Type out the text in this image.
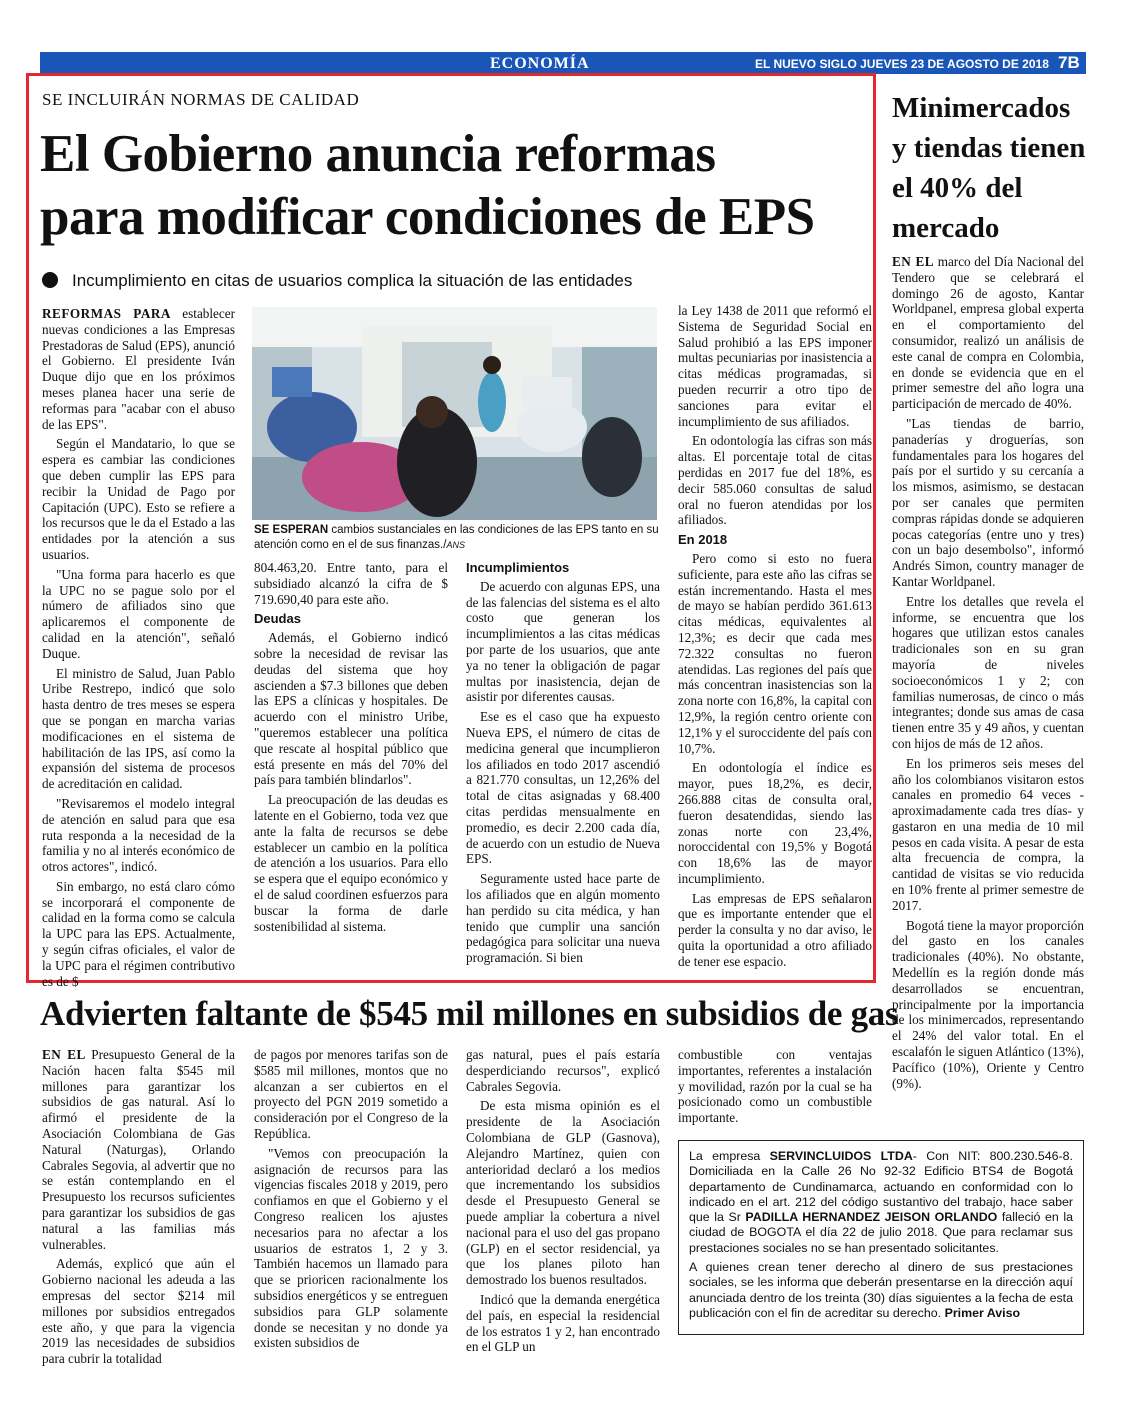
ECONOMÍA	EL NUEVO SIGLO JUEVES 23 DE AGOSTO DE 2018 7B
SE INCLUIRÁN NORMAS DE CALIDAD
El Gobierno anuncia reformas
para modificar condiciones de EPS
Incumplimiento en citas de usuarios complica la situación de las entidades
SE ESPERAN cambios sustanciales en las condiciones de las EPS tanto en su atención como en el de sus finanzas./ANS

REFORMAS PARA establecer nuevas condiciones a las Empresas Prestadoras de Salud (EPS), anunció el Gobierno. El presidente Iván Duque dijo que en los próximos meses planea hacer una serie de reformas para "acabar con el abuso de las EPS".

Según el Mandatario, lo que se espera es cambiar las condiciones que deben cumplir las EPS para recibir la Unidad de Pago por Capitación (UPC). Esto se refiere a los recursos que le da el Estado a las entidades por la atención a sus usuarios.

"Una forma para hacerlo es que la UPC no se pague solo por el número de afiliados sino que aplicaremos el componente de calidad en la atención", señaló Duque.

El ministro de Salud, Juan Pablo Uribe Restrepo, indicó que solo hasta dentro de tres meses se espera que se pongan en marcha varias modificaciones en el sistema de habilitación de las IPS, así como la expansión del sistema de procesos de acreditación en calidad.

"Revisaremos el modelo integral de atención en salud para que esa ruta responda a la necesidad de la familia y no al interés económico de otros actores", indicó.

Sin embargo, no está claro cómo se incorporará el componente de calidad en la forma como se calcula la UPC para las EPS. Actualmente, y según cifras oficiales, el valor de la UPC para el régimen contributivo es de $

804.463,20. Entre tanto, para el subsidiado alcanzó la cifra de $ 719.690,40 para este año.

Deudas

Además, el Gobierno indicó sobre la necesidad de revisar las deudas del sistema que hoy ascienden a $7.3 billones que deben las EPS a clínicas y hospitales. De acuerdo con el ministro Uribe, "queremos establecer una política que rescate al hospital público que está presente en más del 70% del país para también blindarlos".

La preocupación de las deudas es latente en el Gobierno, toda vez que ante la falta de recursos se debe establecer un cambio en la política de atención a los usuarios. Para ello se espera que el equipo económico y el de salud coordinen esfuerzos para buscar la forma de darle sostenibilidad al sistema.

Incumplimientos

De acuerdo con algunas EPS, una de las falencias del sistema es el alto costo que generan los incumplimientos a las citas médicas por parte de los usuarios, que ante ya no tener la obligación de pagar multas por inasistencia, dejan de asistir por diferentes causas.

Ese es el caso que ha expuesto Nueva EPS, el número de citas de medicina general que incumplieron los afiliados en todo 2017 ascendió a 821.770 consultas, un 12,26% del total de citas asignadas y 68.400 citas perdidas mensualmente en promedio, es decir 2.200 cada día, de acuerdo con un estudio de Nueva EPS.

Seguramente usted hace parte de los afiliados que en algún momento han perdido su cita médica, y han tenido que cumplir una sanción pedagógica para solicitar una nueva programación. Si bien

la Ley 1438 de 2011 que reformó el Sistema de Seguridad Social en Salud prohibió a las EPS imponer multas pecuniarias por inasistencia a citas médicas programadas, si pueden recurrir a otro tipo de sanciones para evitar el incumplimiento de sus afiliados.

En odontología las cifras son más altas. El porcentaje total de citas perdidas en 2017 fue del 18%, es decir 585.060 consultas de salud oral no fueron atendidas por los afiliados.

En 2018

Pero como si esto no fuera suficiente, para este año las cifras se están incrementando. Hasta el mes de mayo se habían perdido 361.613 citas médicas, equivalentes al 12,3%; es decir que cada mes 72.322 consultas no fueron atendidas. Las regiones del país que más concentran inasistencias son la zona norte con 16,8%, la capital con 12,9%, la región centro oriente con 12,1% y el suroccidente del país con 10,7%.

En odontología el índice es mayor, pues 18,2%, es decir, 266.888 citas de consulta oral, fueron desatendidas, siendo las zonas norte con 23,4%, noroccidental con 19,5% y Bogotá con 18,6% las de mayor incumplimiento.

Las empresas de EPS señalaron que es importante entender que el perder la consulta y no dar aviso, le quita la oportunidad a otro afiliado de tener ese espacio.

Minimercados y tiendas tienen el 40% del mercado

EN EL marco del Día Nacional del Tendero que se celebrará el domingo 26 de agosto, Kantar Worldpanel, empresa global experta en el comportamiento del consumidor, realizó un análisis de este canal de compra en Colombia, en donde se evidencia que en el primer semestre del año logra una participación de mercado de 40%.

"Las tiendas de barrio, panaderías y droguerías, son fundamentales para los hogares del país por el surtido y su cercanía a los mismos, asimismo, se destacan por ser canales que permiten compras rápidas donde se adquieren pocas categorías (entre uno y tres) con un bajo desembolso", informó Andrés Simon, country manager de Kantar Worldpanel.

Entre los detalles que revela el informe, se encuentra que los hogares que utilizan estos canales tradicionales son en su gran mayoría de niveles socioeconómicos 1 y 2; con familias numerosas, de cinco o más integrantes; donde sus amas de casa tienen entre 35 y 49 años, y cuentan con hijos de más de 12 años.

En los primeros seis meses del año los colombianos visitaron estos canales en promedio 64 veces -aproximadamente cada tres días- y gastaron en una media de 10 mil pesos en cada visita. A pesar de esta alta frecuencia de compra, la cantidad de visitas se vio reducida en 10% frente al primer semestre de 2017.

Bogotá tiene la mayor proporción del gasto en los canales tradicionales (40%). No obstante, Medellín es la región donde más desarrollados se encuentran, principalmente por la importancia de los minimercados, representando el 24% del valor total. En el escalafón le siguen Atlántico (13%), Pacífico (10%), Oriente y Centro (9%).

Advierten faltante de $545 mil millones en subsidios de gas

EN EL Presupuesto General de la Nación hacen falta $545 mil millones para garantizar los subsidios de gas natural. Así lo afirmó el presidente de la Asociación Colombiana de Gas Natural (Naturgas), Orlando Cabrales Segovia, al advertir que no se están contemplando en el Presupuesto los recursos suficientes para garantizar los subsidios de gas natural a las familias más vulnerables.

Además, explicó que aún el Gobierno nacional les adeuda a las empresas del sector $214 mil millones por subsidios entregados este año, y que para la vigencia 2019 las necesidades de subsidios para cubrir la totalidad

de pagos por menores tarifas son de $585 mil millones, montos que no alcanzan a ser cubiertos en el proyecto del PGN 2019 sometido a consideración por el Congreso de la República.

"Vemos con preocupación la asignación de recursos para las vigencias fiscales 2018 y 2019, pero confiamos en que el Gobierno y el Congreso realicen los ajustes necesarios para no afectar a los usuarios de estratos 1, 2 y 3. También hacemos un llamado para que se prioricen racionalmente los subsidios energéticos y se entreguen subsidios para GLP solamente donde se necesitan y no donde ya existen subsidios de

gas natural, pues el país estaría desperdiciando recursos", explicó Cabrales Segovia.

De esta misma opinión es el presidente de la Asociación Colombiana de GLP (Gasnova), Alejandro Martínez, quien con anterioridad declaró a los medios que incrementando los subsidios desde el Presupuesto General se puede ampliar la cobertura a nivel nacional para el uso del gas propano (GLP) en el sector residencial, ya que los planes piloto han demostrado los buenos resultados.

Indicó que la demanda energética del país, en especial la residencial de los estratos 1 y 2, han encontrado en el GLP un

combustible con ventajas importantes, referentes a instalación y movilidad, razón por la cual se ha posicionado como un combustible importante.

La empresa SERVINCLUIDOS LTDA- Con NIT: 800.230.546-8. Domiciliada en la Calle 26 No 92-32 Edificio BTS4 de Bogotá departamento de Cundinamarca, actuando en conformidad con lo indicado en el art. 212 del código sustantivo del trabajo, hace saber que la Sr PADILLA HERNANDEZ JEISON ORLANDO falleció en la ciudad de BOGOTA el día 22 de julio 2018. Que para reclamar sus prestaciones sociales no se han presentado solicitantes.

A quienes crean tener derecho al dinero de sus prestaciones sociales, se les informa que deberán presentarse en la dirección aquí anunciada dentro de los treinta (30) días siguientes a la fecha de esta publicación con el fin de acreditar su derecho. Primer Aviso
